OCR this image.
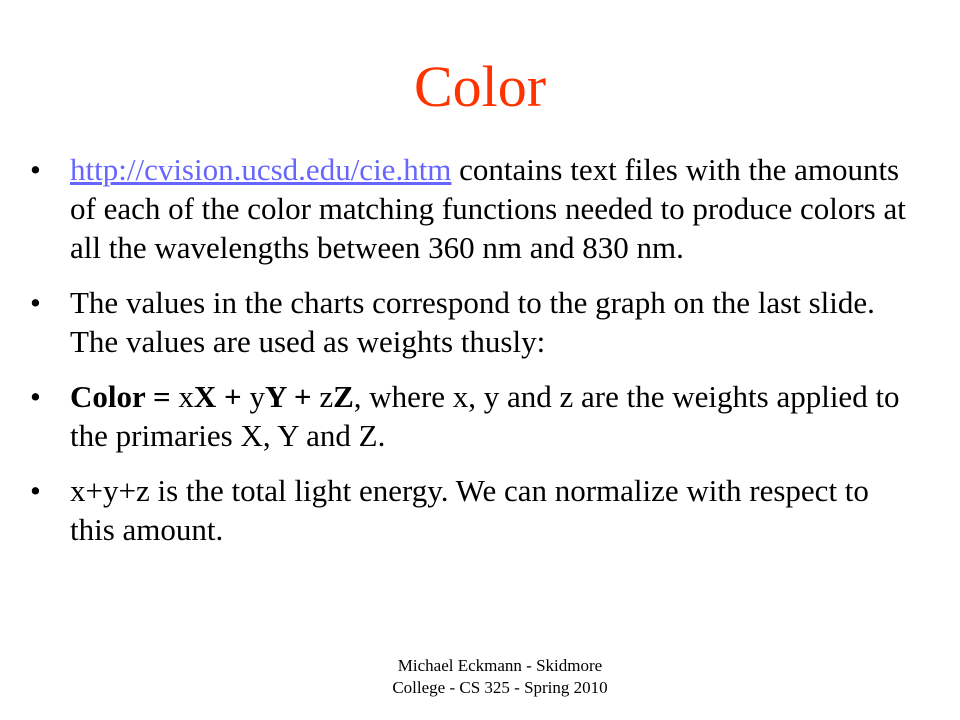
Color
• http://cvision.ucsd.edu/cie.htm contains text files with the amounts of each of the color matching functions needed to produce colors at all the wavelengths between 360 nm and 830 nm.
• The values in the charts correspond to the graph on the last slide. The values are used as weights thusly:
• Color = xX + yY + zZ, where x, y and z are the weights applied to the primaries X, Y and Z.
• x+y+z is the total light energy. We can normalize with respect to this amount.
Michael Eckmann - Skidmore
College - CS 325 - Spring 2010
